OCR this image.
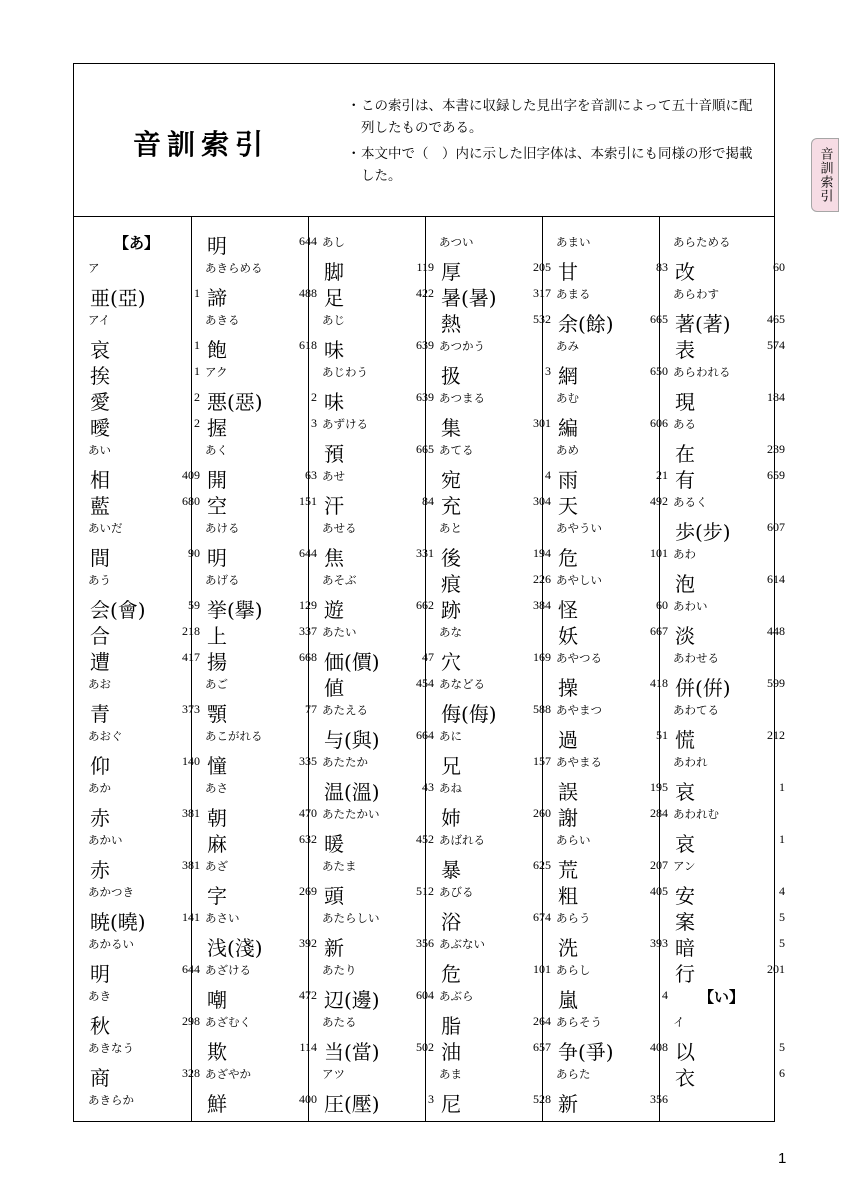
音訓索引
・ この索引は、本書に収録した見出字を音訓によって五十音順に配列したものである。
・ 本文中で（　）内に示した旧字体は、本索引にも同様の形で掲載した。	音訓索引
【あ】
ア
亜(亞)	1
アイ
哀	1
挨	1
愛	2
曖	2
あい
相	409
藍	680
あいだ
間	90
あう
会(會)	59
合	218
遭	417
あお
青	373
あおぐ
仰	140
あか
赤	381
あかい
赤	381
あかつき
暁(曉)	141
あかるい
明	644
あき
秋	298
あきなう
商	328
あきらか
明	644
あきらめる
諦	488
あきる
飽	618
アク
悪(惡)	2
握	3
あく
開	63
空	151
あける
明	644
あげる
挙(擧)	129
上	337
揚	668
あご
顎	77
あこがれる
憧	335
あさ
朝	470
麻	632
あざ
字	269
あさい
浅(淺)	392
あざける
嘲	472
あざむく
欺	114
あざやか
鮮	400
あし
脚	119
足	422
あじ
味	639
あじわう
味	639
あずける
預	665
あせ
汗	84
あせる
焦	331
あそぶ
遊	662
あたい
価(價)	47
値	454
あたえる
与(與)	664
あたたか
温(溫)	43
あたたかい
暖	452
あたま
頭	512
あたらしい
新	356
あたり
辺(邊)	604
あたる
当(當)	502
アツ
圧(壓)	3
あつい
厚	205
暑(暑)	317
熱	532
あつかう
扱	3
あつまる
集	301
あてる
宛	4
充	304
あと
後	194
痕	226
跡	384
あな
穴	169
あなどる
侮(侮)	588
あに
兄	157
あね
姉	260
あばれる
暴	625
あびる
浴	674
あぶない
危	101
あぶら
脂	264
油	657
あま
尼	528
あまい
甘	83
あまる
余(餘)	665
あみ
網	650
あむ
編	606
あめ
雨	21
天	492
あやうい
危	101
あやしい
怪	60
妖	667
あやつる
操	418
あやまつ
過	51
あやまる
誤	195
謝	284
あらい
荒	207
粗	405
あらう
洗	393
あらし
嵐	4
あらそう
争(爭)	408
あらた
新	356
あらためる
改	60
あらわす
著(著)	465
表	574
あらわれる
現	184
ある
在	239
有	659
あるく
歩(步)	607
あわ
泡	614
あわい
淡	448
あわせる
併(倂)	599
あわてる
慌	212
あわれ
哀	1
あわれむ
哀	1
アン
安	4
案	5
暗	5
行	201
【い】
イ
以	5
衣	6
1
